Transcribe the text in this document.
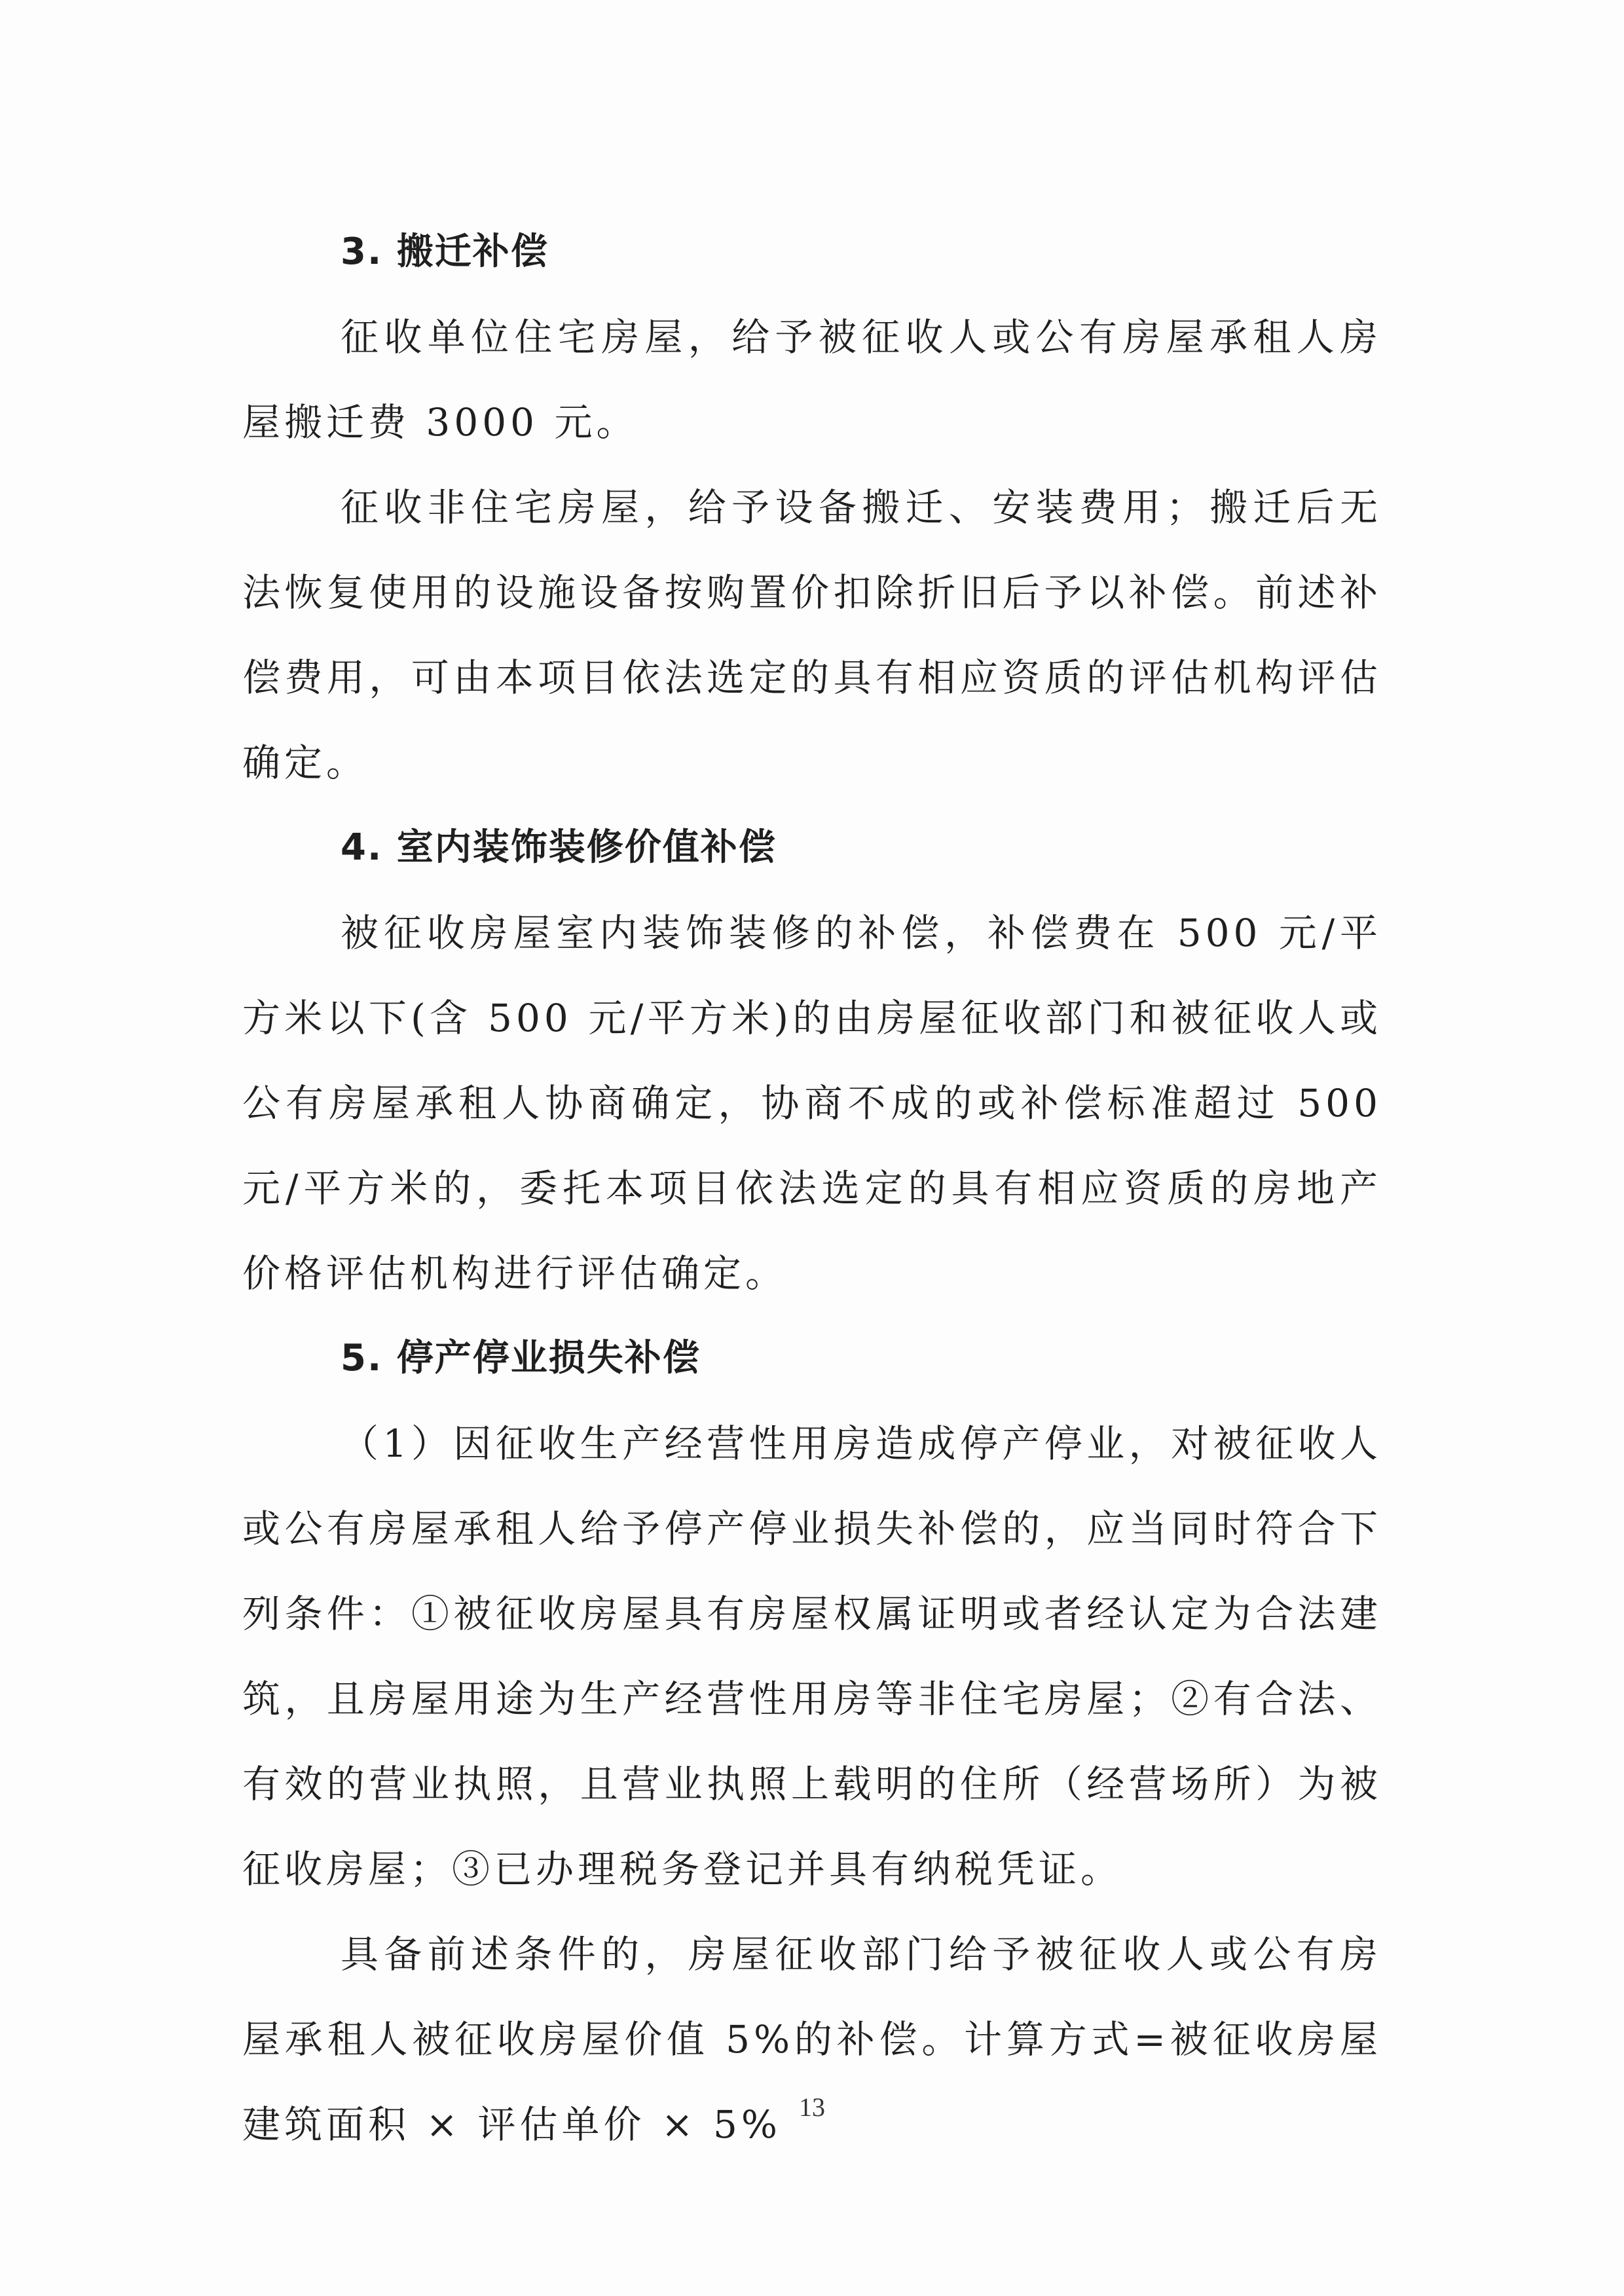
3. 搬迁补偿

征收单位住宅房屋，给予被征收人或公有房屋承租人房屋搬迁费 3000 元。

征收非住宅房屋，给予设备搬迁、安装费用；搬迁后无法恢复使用的设施设备按购置价扣除折旧后予以补偿。前述补偿费用，可由本项目依法选定的具有相应资质的评估机构评估确定。

4. 室内装饰装修价值补偿

被征收房屋室内装饰装修的补偿，补偿费在 500 元/平方米以下(含 500 元/平方米)的由房屋征收部门和被征收人或公有房屋承租人协商确定，协商不成的或补偿标准超过 500 元/平方米的，委托本项目依法选定的具有相应资质的房地产价格评估机构进行评估确定。

5. 停产停业损失补偿

（1）因征收生产经营性用房造成停产停业，对被征收人或公有房屋承租人给予停产停业损失补偿的，应当同时符合下列条件：①被征收房屋具有房屋权属证明或者经认定为合法建筑，且房屋用途为生产经营性用房等非住宅房屋；②有合法、有效的营业执照，且营业执照上载明的住所（经营场所）为被征收房屋；③已办理税务登记并具有纳税凭证。

具备前述条件的，房屋征收部门给予被征收人或公有房屋承租人被征收房屋价值 5%的补偿。计算方式=被征收房屋建筑面积 × 评估单价 × 5% 13
